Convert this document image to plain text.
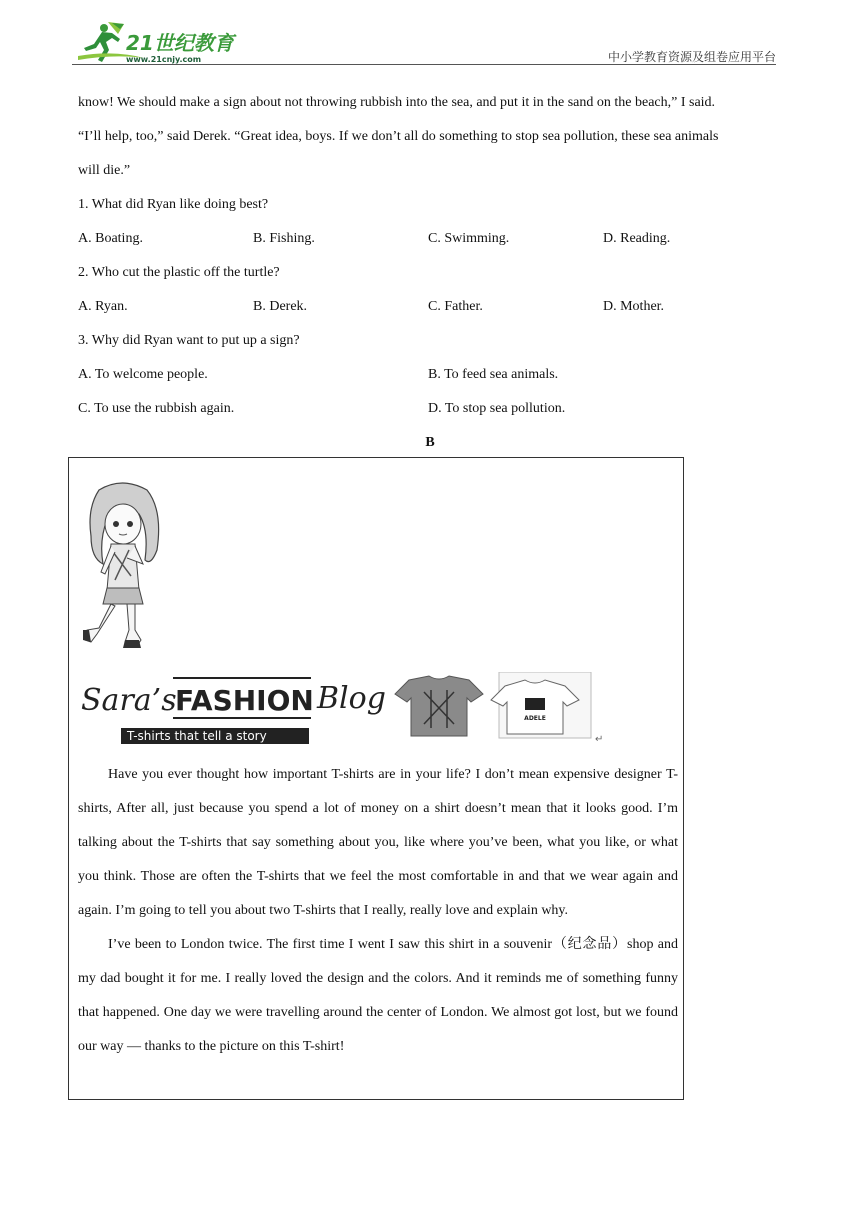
21世纪教育
www.21cnjy.com	中小学教育资源及组卷应用平台
know! We should make a sign about not throwing rubbish into the sea, and put it in the sand on the beach,” I said.
“I’ll help, too,” said Derek. “Great idea, boys. If we don’t all do something to stop sea pollution, these sea animals
will die.”
1. What did Ryan like doing best?
A. Boating.	B. Fishing.	C. Swimming.	D. Reading.
2. Who cut the plastic off the turtle?
A. Ryan.	B. Derek.	C. Father.	D. Mother.
3. Why did Ryan want to put up a sign?
A. To welcome people.	B. To feed sea animals.
C. To use the rubbish again.	D. To stop sea pollution.
B
Sara’s
FASHION Blog
T-shirts that tell a story
ADELE
↵

Have you ever thought how important T-shirts are in your life? I don’t mean expensive designer T-shirts, After all, just because you spend a lot of money on a shirt doesn’t mean that it looks good. I’m talking about the T-shirts that say something about you, like where you’ve been, what you like, or what you think. Those are often the T-shirts that we feel the most comfortable in and that we wear again and again. I’m going to tell you about two T-shirts that I really, really love and explain why.

I’ve been to London twice. The first time I went I saw this shirt in a souvenir（纪念品）shop and my dad bought it for me. I really loved the design and the colors. And it reminds me of something funny that happened. One day we were travelling around the center of London. We almost got lost, but we found our way — thanks to the picture on this T-shirt!
